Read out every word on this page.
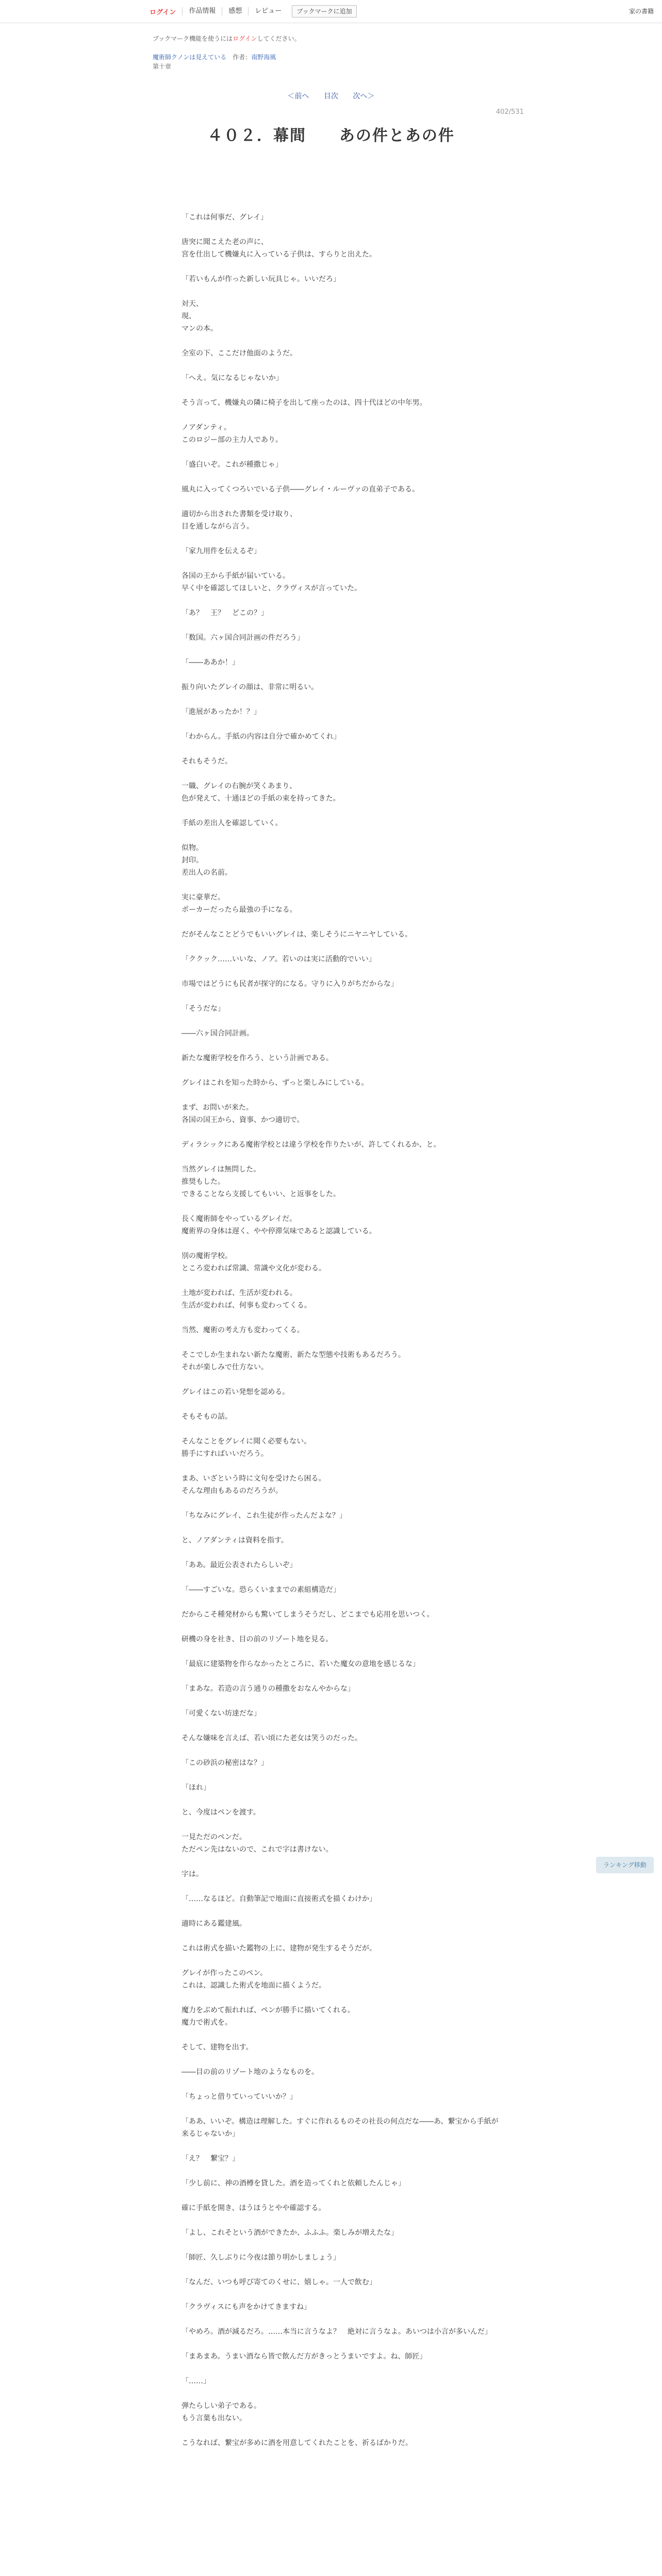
ログイン	作品情報	感想	レビュー	ブックマークに追加	家の書籍
ブックマーク機能を使うにはログインしてください。
魔術師クノンは見えている 作者：南野海風
第十章
＜前へ 目次 次へ＞
402/531
４０２．幕間　　あの件とあの件

「これは何事だ、グレイ」

唐突に聞こえた老の声に、
宮を仕出して機嫌丸に入っている子供は、すらりと出えた。

「若いもんが作った新しい玩具じゃ。いいだろ」

対天、
現、
マンの本。

全室の下、ここだけ他面のようだ。

「へえ。気になるじゃないか」

そう言って、機嫌丸の隣に椅子を出して座ったのは、四十代ほどの中年男。

ノアダンティ。
このロジー部の主力人であり。

「盛白いぞ。これが種撒じゃ」

風丸に入ってくつろいでいる子供――グレイ・ルーヴァの直弟子である。

適切から出された書類を受け取り、
目を通しながら言う。

「家九用件を伝えるぞ」

各国の王から手紙が届いている。
早く中を確認してほしいと、クラヴィスが言っていた。

「あ？　王？　どこの？」

「数国。六ヶ国合同計画の件だろう」

「――ああか！」

振り向いたグレイの顔は、非常に明るい。

「進展があったか！？」

「わからん。手紙の内容は自分で確かめてくれ」

それもそうだ。

一職、グレイの右腕が笑くあまり、
色が発えて、十通ほどの手紙の束を持ってきた。

手紙の差出人を確認していく。

似物。
封印。
差出人の名前。

実に豪華だ。
ポーカーだったら最強の手になる。

だがそんなことどうでもいいグレイは、楽しそうにニヤニヤしている。

「ククック……いいな、ノア。若いのは実に活動的でいい」

市場ではどうにも民者が探守的になる。守りに入りがちだからな」

「そうだな」

――六ヶ国合同計画。

新たな魔術学校を作ろう、という計画である。

グレイはこれを知った時から、ずっと楽しみにしている。

まず、お問いが来た。
各国の国王から、資事、かつ適切で。

ディラシックにある魔術学校とは違う学校を作りたいが、許してくれるか、と。

当然グレイは無問した。
推奨もした。
できることなら支援してもいい、と返事をした。

長く魔術師をやっているグレイだ。
魔術界の身体は遅く、やや停滞気味であると認識している。

別の魔術学校。
ところ変われば常識、常識や文化が変わる。

土地が変われば、生活が変われる。
生活が変われば、何事も変わってくる。

当然、魔術の考え方も変わってくる。

そこでしか生まれない新たな魔術、新たな型態や技術もあるだろう。
それが楽しみで仕方ない。

グレイはこの若い発想を認める。

そもそもの話。

そんなことをグレイに聞く必要もない。
勝手にすればいいだろう。

まあ、いざという時に文句を受けたら困る。
そんな理由もあるのだろうが。

「ちなみにグレイ、これ生徒が作ったんだよな？」

と、ノアダンティは資料を指す。

「ああ。最近公表されたらしいぞ」

「――すごいな。恐らくいままでの素組構造だ」

だからこそ種発材からも驚いてしまうそうだし、どこまでも応用を思いつく。

研機の身を社き、目の前のリゾート地を見る。

「最底に建築物を作らなかったところに、若いた魔女の意地を感じるな」

「まあな。若造の言う通りの種撒をおなんやからな」

「可愛くない坊達だな」

そんな嫌味を言えば、若い頃にた老女は笑うのだった。

「この砂浜の秘密はな？」

「ほれ」

と、今度はペンを渡す。

一見ただのペンだ。
ただペン先はないので、これで字は書けない。

字は。

「……なるほど。自動筆記で地面に直接術式を描くわけか」

適時にある鑑建風。

これは術式を描いた鑑物の上に、建物が発生するそうだが。

グレイが作ったこのペン。
これは、認識した術式を地面に描くようだ。

魔力をぶめて振れれば、ペンが勝手に描いてくれる。
魔力で術式を。

そして、建物を出す。

――目の前のリゾート地のようなものを。

「ちょっと借りていっていいか？」

「ああ、いいぞ。構造は理解した。すぐに作れるものその社長の何点だな――あ、繋宝から手紙が来るじゃないか」

「え？　繋宝？」

「少し前に、神の酒樽を貸した。酒を造ってくれと依頼したんじゃ」

確に手紙を開き、ほうほうとやや確認する。

「よし、これそという酒ができたか、ふふふ。楽しみが増えたな」

「師匠、久しぶりに今夜は節り明かしましょう」

「なんだ、いつも呼び寄てのくせに、嬉しゃ。一人で飲む」

「クラヴィスにも声をかけてきますね」

「やめろ。酒が減るだろ。……本当に言うなよ？　絶対に言うなよ。あいつは小言が多いんだ」

「まあまあ。うまい酒なら皆で飲んだ方がきっとうまいですよ。ね、師匠」

「……」

弾たらしい弟子である。
もう言葉も出ない。

こうなれば、繋宝が多めに酒を用意してくれたことを、祈るばかりだ。

ランキング移動
